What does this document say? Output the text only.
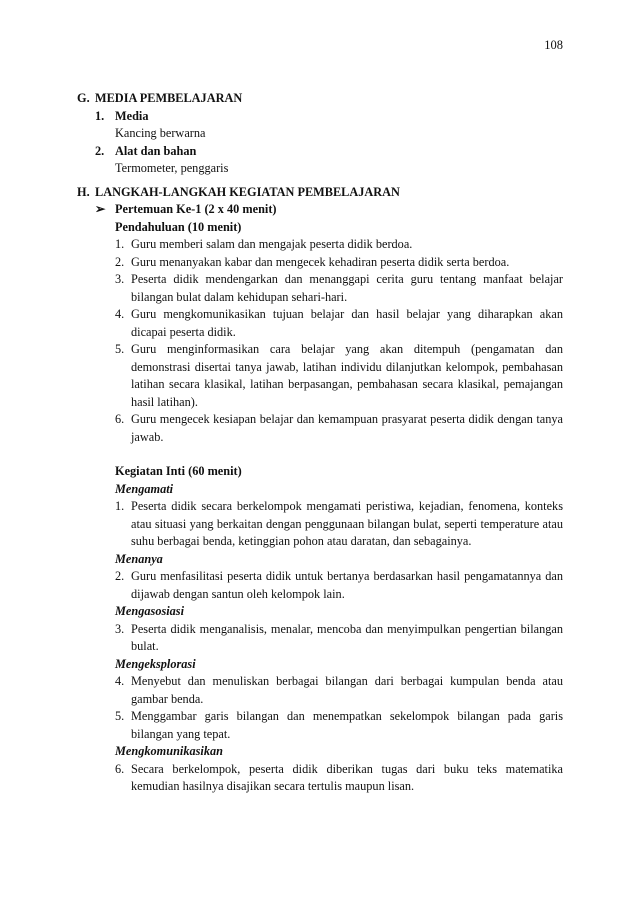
108
G. MEDIA PEMBELAJARAN
1. Media
Kancing berwarna
2. Alat dan bahan
Termometer, penggaris
H. LANGKAH-LANGKAH KEGIATAN PEMBELAJARAN
➢ Pertemuan Ke-1 (2 x 40 menit)
Pendahuluan (10 menit)
1. Guru memberi salam dan mengajak peserta didik berdoa.
2. Guru menanyakan kabar dan mengecek kehadiran peserta didik serta berdoa.
3. Peserta didik mendengarkan dan menanggapi cerita guru tentang manfaat belajar bilangan bulat dalam kehidupan sehari-hari.
4. Guru mengkomunikasikan tujuan belajar dan hasil belajar yang diharapkan akan dicapai peserta didik.
5. Guru menginformasikan cara belajar yang akan ditempuh (pengamatan dan demonstrasi disertai tanya jawab, latihan individu dilanjutkan kelompok, pembahasan latihan secara klasikal, latihan berpasangan, pembahasan secara klasikal, pemajangan hasil latihan).
6. Guru mengecek kesiapan belajar dan kemampuan prasyarat peserta didik dengan tanya jawab.
Kegiatan Inti (60 menit)
Mengamati
1. Peserta didik secara berkelompok mengamati peristiwa, kejadian, fenomena, konteks atau situasi yang berkaitan dengan penggunaan bilangan bulat, seperti temperature atau suhu berbagai benda, ketinggian pohon atau daratan, dan sebagainya.
Menanya
2. Guru menfasilitasi peserta didik untuk bertanya berdasarkan hasil pengamatannya dan dijawab dengan santun oleh kelompok lain.
Mengasosiasi
3. Peserta didik menganalisis, menalar, mencoba dan menyimpulkan pengertian bilangan bulat.
Mengeksplorasi
4. Menyebut dan menuliskan berbagai bilangan dari berbagai kumpulan benda atau gambar benda.
5. Menggambar garis bilangan dan menempatkan sekelompok bilangan pada garis bilangan yang tepat.
Mengkomunikasikan
6. Secara berkelompok, peserta didik diberikan tugas dari buku teks matematika kemudian hasilnya disajikan secara tertulis maupun lisan.
